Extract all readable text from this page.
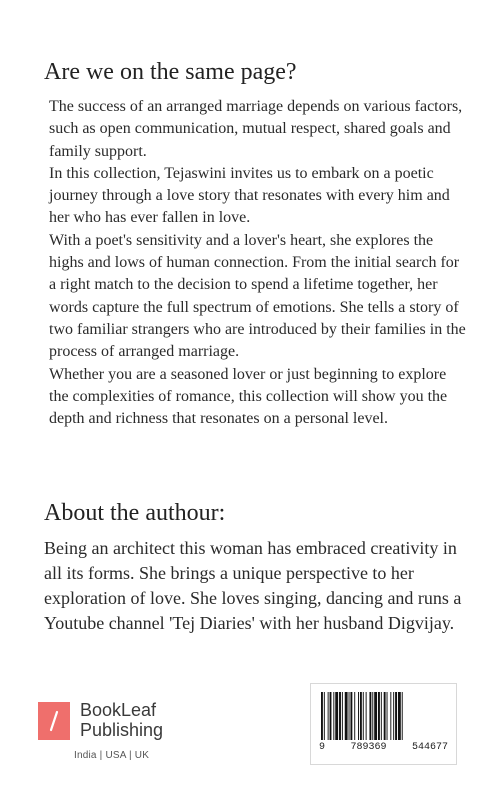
Are we on the same page?

The success of an arranged marriage depends on various factors, such as open communication, mutual respect, shared goals and family support.

In this collection, Tejaswini invites us to embark on a poetic journey through a love story that resonates with every him and her who has ever fallen in love.

With a poet's sensitivity and a lover's heart, she explores the highs and lows of human connection. From the initial search for a right match to the decision to spend a lifetime together, her words capture the full spectrum of emotions. She tells a story of two familiar strangers who are introduced by their families in the process of arranged marriage.

Whether you are a seasoned lover or just beginning to explore the complexities of romance, this collection will show you the depth and richness that resonates on a personal level.

About the authour:

Being an architect this woman has embraced creativity in all its forms. She brings a unique perspective to her exploration of love. She loves singing, dancing and runs a Youtube channel 'Tej Diaries' with her husband Digvijay.

BookLeaf
Publishing
India | USA | UK
9	789369	544677
